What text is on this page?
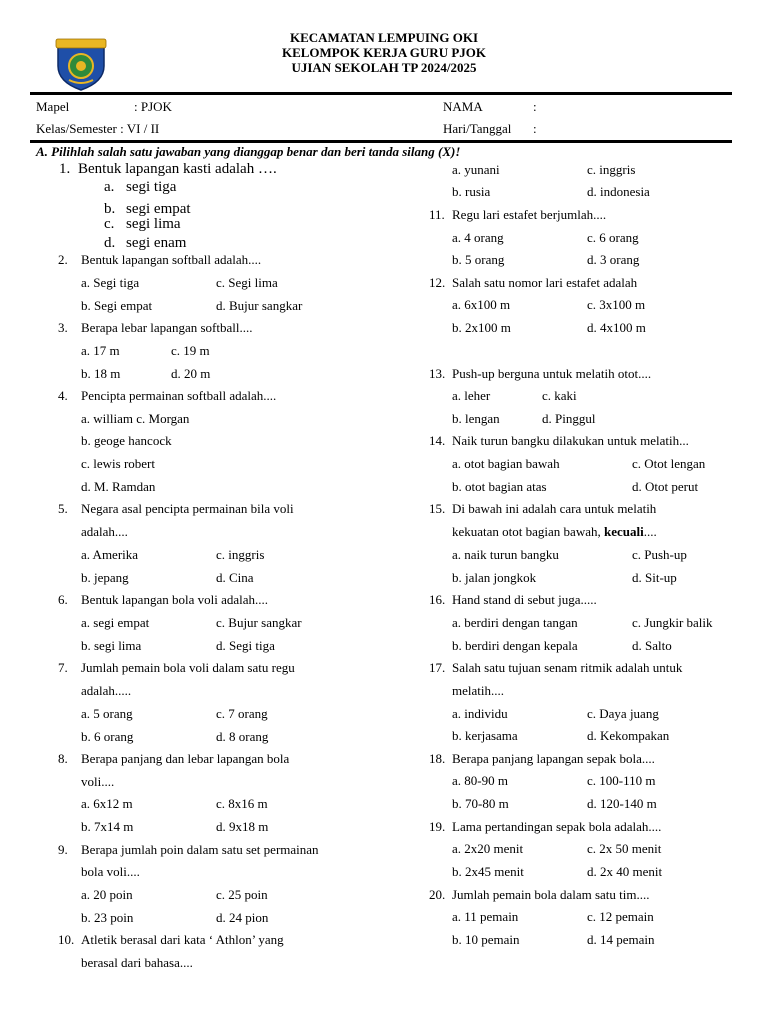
KECAMATAN LEMPUING OKI
KELOMPOK KERJA GURU PJOK
UJIAN SEKOLAH TP 2024/2025
Mapel	: PJOK	NAMA	:
Kelas/Semester : VI / II	Hari/Tanggal :
A. Pilihlah salah satu jawaban yang dianggap benar dan beri tanda silang (X)!
1. Bentuk lapangan kasti adalah ….
a. segi tiga
b. segi empat
c. segi lima
d. segi enam
2. Bentuk lapangan softball adalah....
a. Segi tiga	c. Segi lima
b. Segi empat	d. Bujur sangkar
3. Berapa lebar lapangan softball....
a. 17 m	c. 19 m
b. 18 m	d. 20 m
4. Pencipta permainan softball adalah....
a. william c. Morgan
b. geoge hancock
c. lewis robert
d. M. Ramdan
5. Negara asal pencipta permainan bila voli
adalah....
a. Amerika	c. inggris
b. jepang	d. Cina
6. Bentuk lapangan bola voli adalah....
a. segi empat	c. Bujur sangkar
b. segi lima	d. Segi tiga
7. Jumlah pemain bola voli dalam satu regu
adalah.....
a. 5 orang	c. 7 orang
b. 6 orang	d. 8 orang
8. Berapa panjang dan lebar lapangan bola
voli....
a. 6x12 m	c. 8x16 m
b. 7x14 m	d. 9x18 m
9. Berapa jumlah poin dalam satu set permainan
bola voli....
a. 20 poin	c. 25 poin
b. 23 poin	d. 24 pion
10. Atletik berasal dari kata ‘ Athlon’ yang
berasal dari bahasa....
a. yunani	c. inggris
b. rusia	d. indonesia
11. Regu lari estafet berjumlah....
a. 4 orang	c. 6 orang
b. 5 orang	d. 3 orang
12. Salah satu nomor lari estafet adalah
a. 6x100 m	c. 3x100 m
b. 2x100 m	d. 4x100 m
13. Push-up berguna untuk melatih otot....
a. leher	c. kaki
b. lengan	d. Pinggul
14. Naik turun bangku dilakukan untuk melatih...
a. otot bagian bawah	c. Otot lengan
b. otot bagian atas	d. Otot perut
15. Di bawah ini adalah cara untuk melatih
kekuatan otot bagian bawah, kecuali....
a. naik turun bangku	c. Push-up
b. jalan jongkok	d. Sit-up
16. Hand stand di sebut juga.....
a. berdiri dengan tangan	c. Jungkir balik
b. berdiri dengan kepala	d. Salto
17. Salah satu tujuan senam ritmik adalah untuk
melatih....
a. individu	c. Daya juang
b. kerjasama	d. Kekompakan
18. Berapa panjang lapangan sepak bola....
a. 80-90 m	c. 100-110 m
b. 70-80 m	d. 120-140 m
19. Lama pertandingan sepak bola adalah....
a. 2x20 menit	c. 2x 50 menit
b. 2x45 menit	d. 2x 40 menit
20. Jumlah pemain bola dalam satu tim....
a. 11 pemain	c. 12 pemain
b. 10 pemain	d. 14 pemain
